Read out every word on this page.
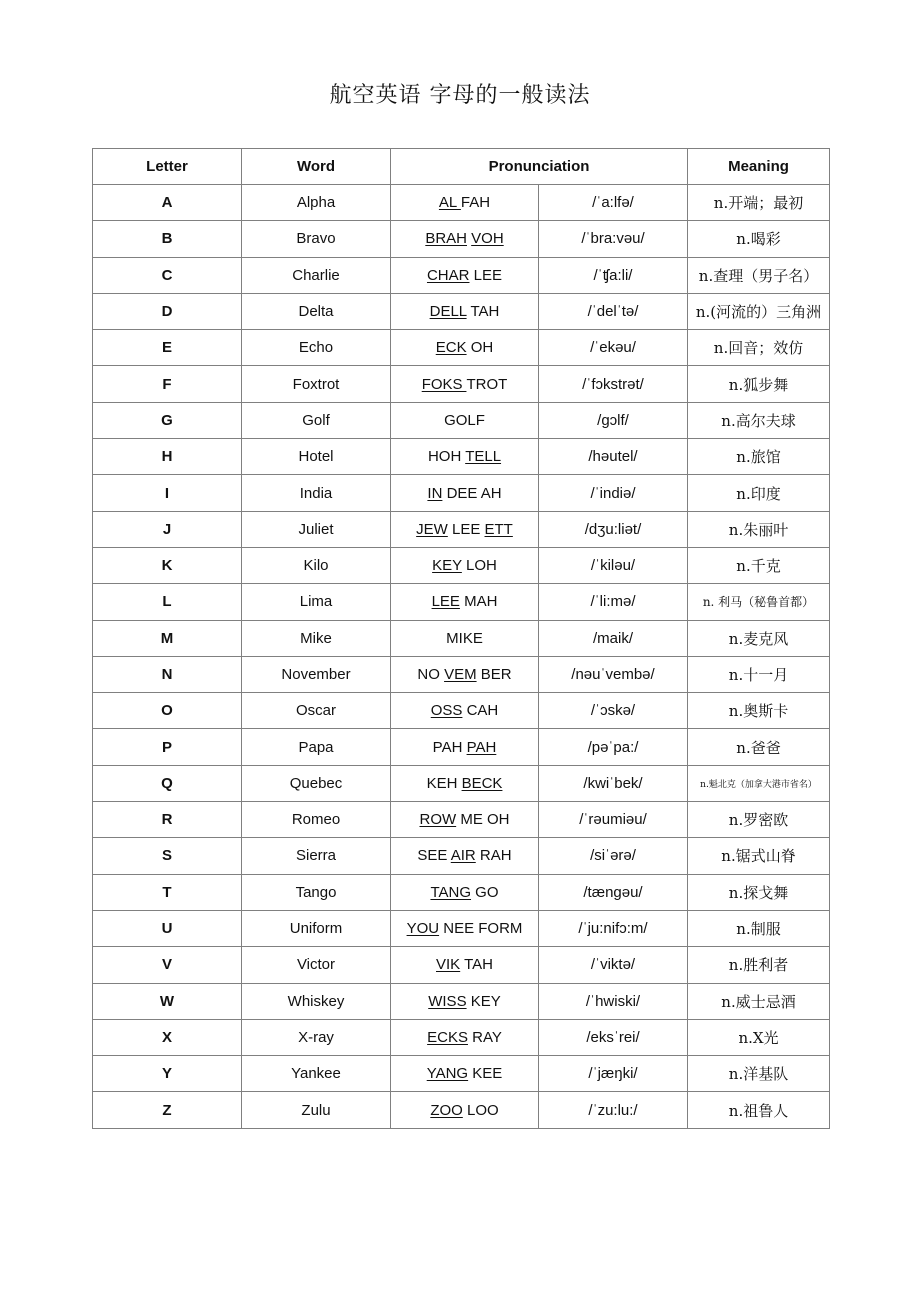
航空英语 字母的一般读法
Letter	Word	Pronunciation		Meaning
A	Alpha	AL FAH	/ˈa:lfə/	n.开端；最初
B	Bravo	BRAH VOH	/ˈbra:vəu/	n.喝彩
C	Charlie	CHAR LEE	/ˈʧa:li/	n.查理（男子名）
D	Delta	DELL TAH	/ˈdelˈtə/	n.(河流的）三角洲
E	Echo	ECK OH	/ˈekəu/	n.回音；效仿
F	Foxtrot	FOKS TROT	/ˈfɔkstrət/	n.狐步舞
G	Golf	GOLF	/gɔlf/	n.高尔夫球
H	Hotel	HOH TELL	/həutel/	n.旅馆
I	India	IN DEE AH	/ˈindiə/	n.印度
J	Juliet	JEW LEE ETT	/dʒu:liət/	n.朱丽叶
K	Kilo	KEY LOH	/ˈkiləu/	n.千克
L	Lima	LEE MAH	/ˈli:mə/	n. 利马（秘鲁首都）
M	Mike	MIKE	/maik/	n.麦克风
N	November	NO VEM BER	/nəuˈvembə/	n.十一月
O	Oscar	OSS CAH	/ˈɔskə/	n.奥斯卡
P	Papa	PAH PAH	/pəˈpa:/	n.爸爸
Q	Quebec	KEH BECK	/kwiˈbek/	n.魁北克（加拿大港市省名）
R	Romeo	ROW ME OH	/ˈrəumiəu/	n.罗密欧
S	Sierra	SEE AIR RAH	/siˈərə/	n.锯式山脊
T	Tango	TANG GO	/tængəu/	n.探戈舞
U	Uniform	YOU NEE FORM	/ˈju:nifɔ:m/	n.制服
V	Victor	VIK TAH	/ˈviktə/	n.胜利者
W	Whiskey	WISS KEY	/ˈhwiski/	n.威士忌酒
X	X-ray	ECKS RAY	/eksˈrei/	n.X光
Y	Yankee	YANG KEE	/ˈjæŋki/	n.洋基队
Z	Zulu	ZOO LOO	/ˈzu:lu:/	n.祖鲁人
